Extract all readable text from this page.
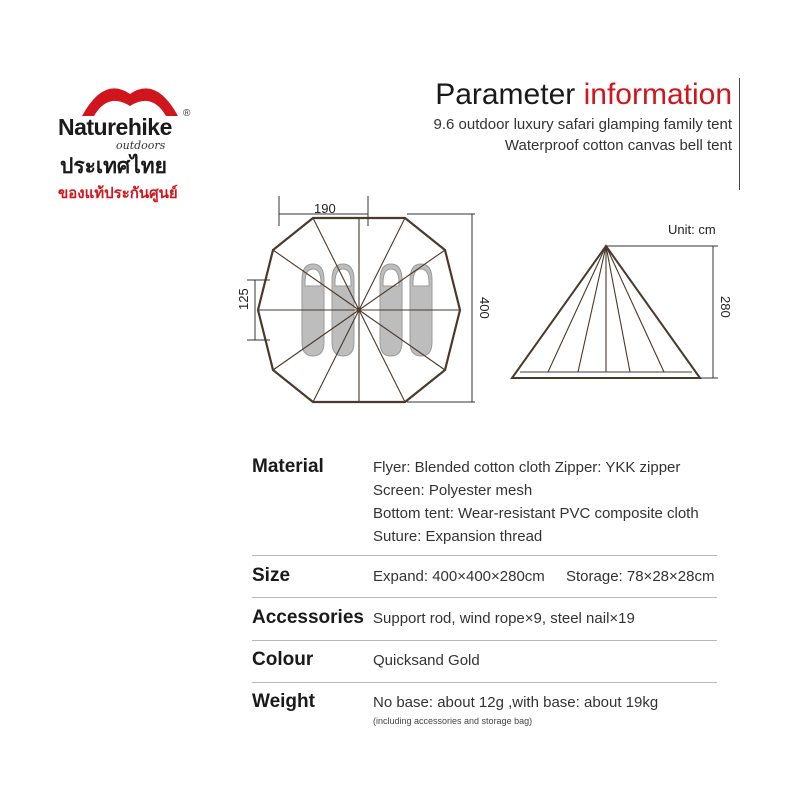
Naturehike
®
outdoors
ประเทศไทย
ของแท้ประกันศูนย์
Parameter information
9.6 outdoor luxury safari glamping family tent
Waterproof cotton canvas bell tent
190
125	400
Unit: cm
280
Material	Flyer: Blended cotton cloth Zipper: YKK zipper
Screen: Polyester mesh
Bottom tent: Wear-resistant PVC composite cloth
Suture: Expansion thread
Size	Expand: 400×400×280cm Storage: 78×28×28cm
Accessories Support rod, wind rope×9, steel nail×19
Colour	Quicksand Gold
Weight	No base: about 12g ,with base: about 19kg
(including accessories and storage bag)
